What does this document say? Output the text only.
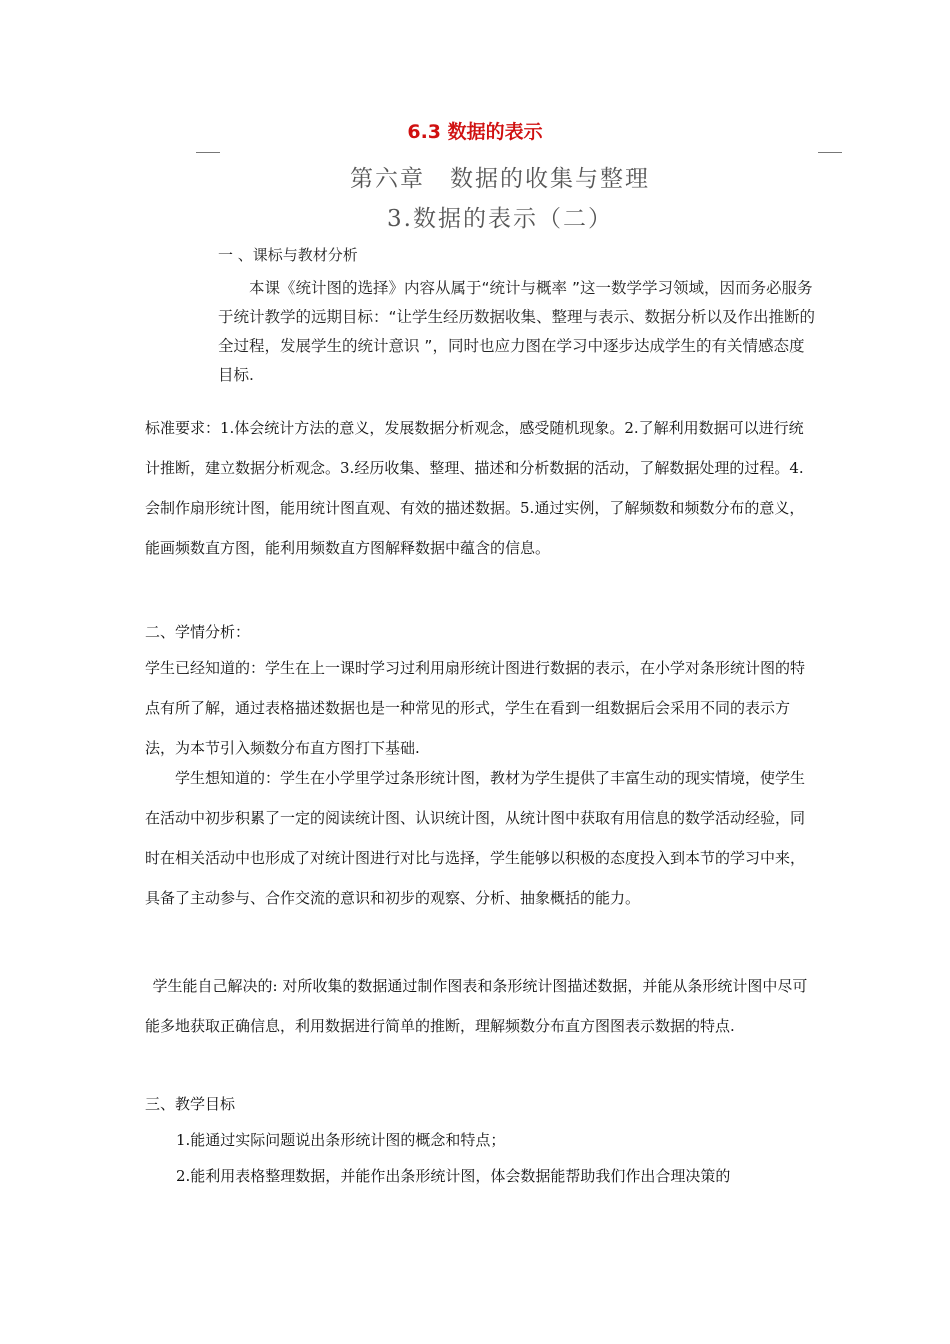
6.3 数据的表示
第六章　数据的收集与整理
3.数据的表示（二）
一 、课标与教材分析

本课《统计图的选择》内容从属于“统计与概率 ”这一数学学习领域，因而务必服务于统计教学的远期目标：“让学生经历数据收集、整理与表示、数据分析以及作出推断的全过程，发展学生的统计意识 ”，同时也应力图在学习中逐步达成学生的有关情感态度目标.

标准要求：1.体会统计方法的意义，发展数据分析观念，感受随机现象。2.了解利用数据可以进行统计推断，建立数据分析观念。3.经历收集、整理、描述和分析数据的活动，了解数据处理的过程。4.会制作扇形统计图，能用统计图直观、有效的描述数据。5.通过实例，了解频数和频数分布的意义，能画频数直方图，能利用频数直方图解释数据中蕴含的信息。

二、学情分析：

学生已经知道的：学生在上一课时学习过利用扇形统计图进行数据的表示，在小学对条形统计图的特点有所了解，通过表格描述数据也是一种常见的形式，学生在看到一组数据后会采用不同的表示方法，为本节引入频数分布直方图打下基础.

学生想知道的：学生在小学里学过条形统计图，教材为学生提供了丰富生动的现实情境，使学生在活动中初步积累了一定的阅读统计图、认识统计图，从统计图中获取有用信息的数学活动经验，同时在相关活动中也形成了对统计图进行对比与选择，学生能够以积极的态度投入到本节的学习中来，具备了主动参与、合作交流的意识和初步的观察、分析、抽象概括的能力。

学生能自己解决的: 对所收集的数据通过制作图表和条形统计图描述数据，并能从条形统计图中尽可能多地获取正确信息，利用数据进行简单的推断，理解频数分布直方图图表示数据的特点.

三、教学目标

1.能通过实际问题说出条形统计图的概念和特点；

2.能利用表格整理数据，并能作出条形统计图，体会数据能帮助我们作出合理决策的
